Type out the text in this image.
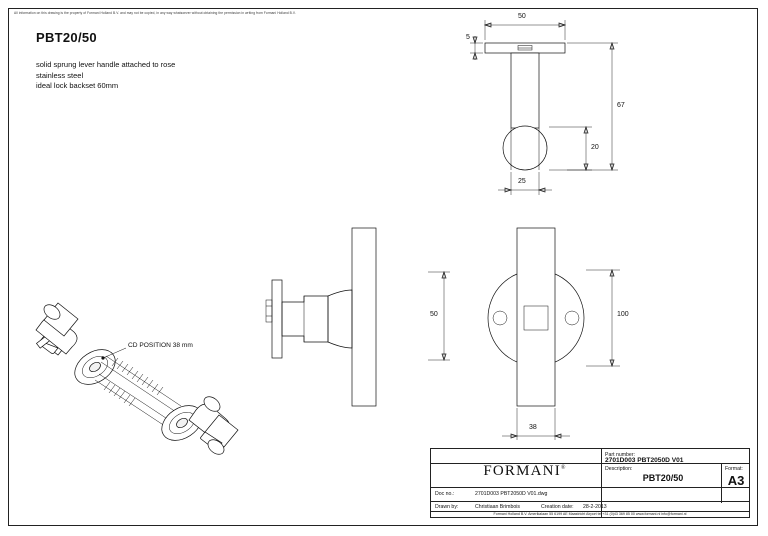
All information on this drawing is the property of Formani Holland B.V. and may not be copied, in any way whatsoever without obtaining the permission in writing from Formani Holland B.V.
PBT20/50
solid sprung lever handle attached to rose
stainless steel
ideal lock backset 60mm
50
5
67
20
25
50	100
38
CD POSITION 38 mm
FORMANI®
Part number:
2701D003 PBT2050D V01
Description:
PBT20/50
Format:
A3
Doc no.:	2701D003 PBT2050D V01.dwg
Drawn by:	Christiaan Brimbois	Creation date: 28-2-2013
Formani Holland B.V. Amerikalaan 55 6199 AE Maastricht Airport tel +31 (0)43 369 85 00 www.formani.nl info@formani.nl
